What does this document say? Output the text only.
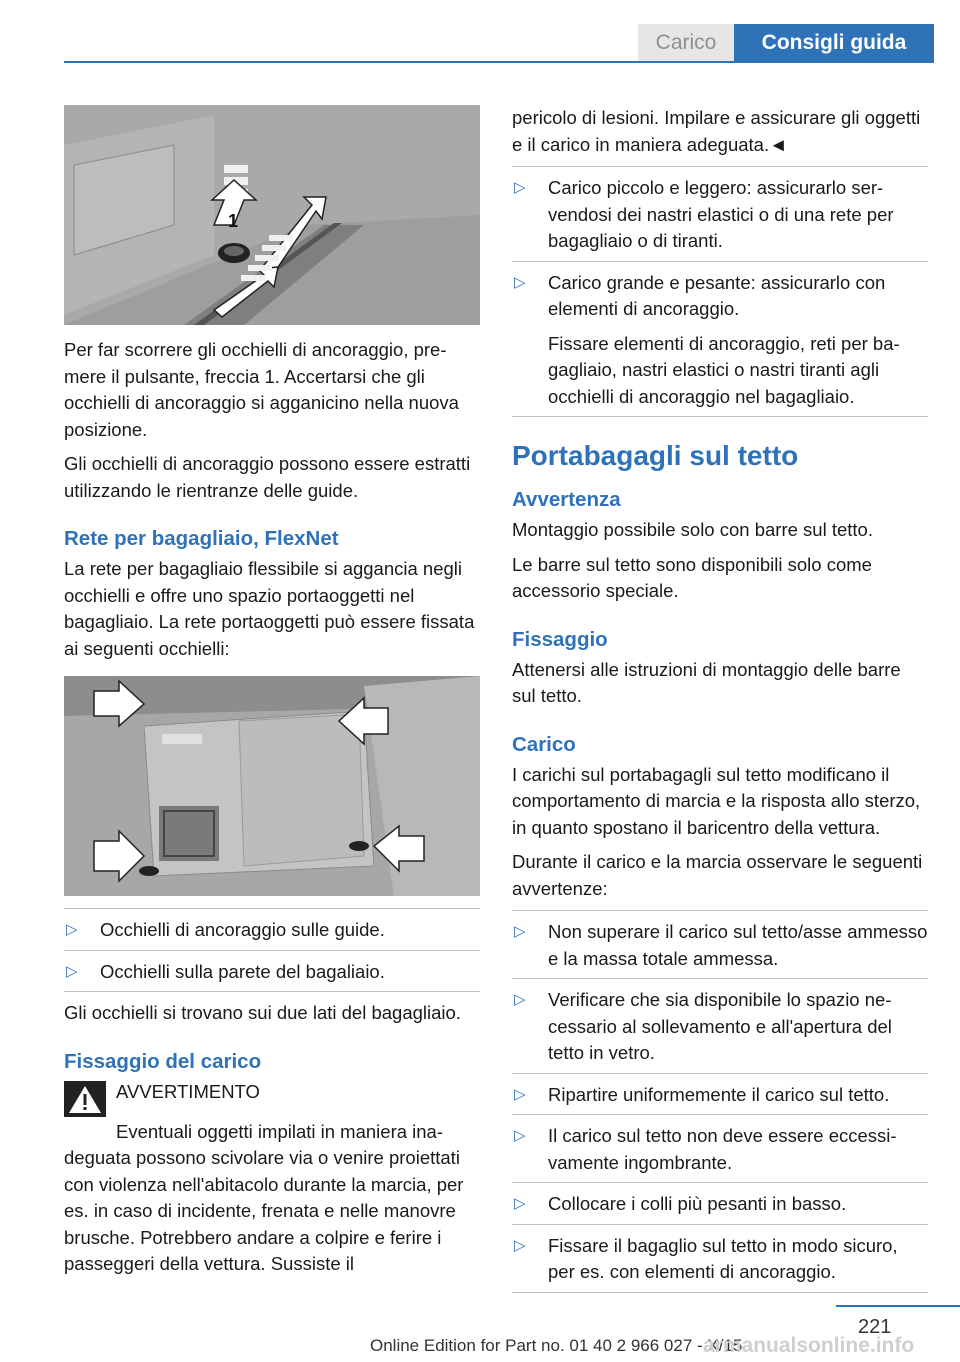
Carico	Consigli guida
1

Per far scorrere gli occhielli di ancoraggio, premere il pulsante, freccia 1. Accertarsi che gli occhielli di ancoraggio si agganicino nella nuova posizione.

Gli occhielli di ancoraggio possono essere estratti utilizzando le rientranze delle guide.

Rete per bagagliaio, FlexNet

La rete per bagagliaio flessibile si aggancia negli occhielli e offre uno spazio portaoggetti nel bagagliaio. La rete portaoggetti può essere fissata ai seguenti occhielli:

▷	Occhielli di ancoraggio sulle guide.
▷	Occhielli sulla parete del bagaliaio.

Gli occhielli si trovano sui due lati del bagagliaio.

Fissaggio del carico
AVVERTIMENTO

Eventuali oggetti impilati in maniera inadeguata possono scivolare via o venire proiettati con violenza nell'abitacolo durante la marcia, per es. in caso di incidente, frenata e nelle manovre brusche. Potrebbero andare a colpire e ferire i passeggeri della vettura. Sussiste il

pericolo di lesioni. Impilare e assicurare gli oggetti e il carico in maniera adeguata.◄

▷	Carico piccolo e leggero: assicurarlo servendosi dei nastri elastici o di una rete per bagagliaio o di tiranti.
▷	Carico grande e pesante: assicurarlo con elementi di ancoraggio.
Fissare elementi di ancoraggio, reti per bagagliaio, nastri elastici o nastri tiranti agli occhielli di ancoraggio nel bagagliaio.
Portabagagli sul tetto
Avvertenza

Montaggio possibile solo con barre sul tetto.

Le barre sul tetto sono disponibili solo come accessorio speciale.

Fissaggio

Attenersi alle istruzioni di montaggio delle barre sul tetto.

Carico

I carichi sul portabagagli sul tetto modificano il comportamento di marcia e la risposta allo sterzo, in quanto spostano il baricentro della vettura.

Durante il carico e la marcia osservare le seguenti avvertenze:

▷	Non superare il carico sul tetto/asse ammesso e la massa totale ammessa.
▷	Verificare che sia disponibile lo spazio necessario al sollevamento e all'apertura del tetto in vetro.
▷	Ripartire uniformemente il carico sul tetto.
▷	Il carico sul tetto non deve essere eccessivamente ingombrante.
▷	Collocare i colli più pesanti in basso.
▷	Fissare il bagaglio sul tetto in modo sicuro, per es. con elementi di ancoraggio.
221
Online Edition for Part no. 01 40 2 966 027 - X/15
armanualsonline.info
